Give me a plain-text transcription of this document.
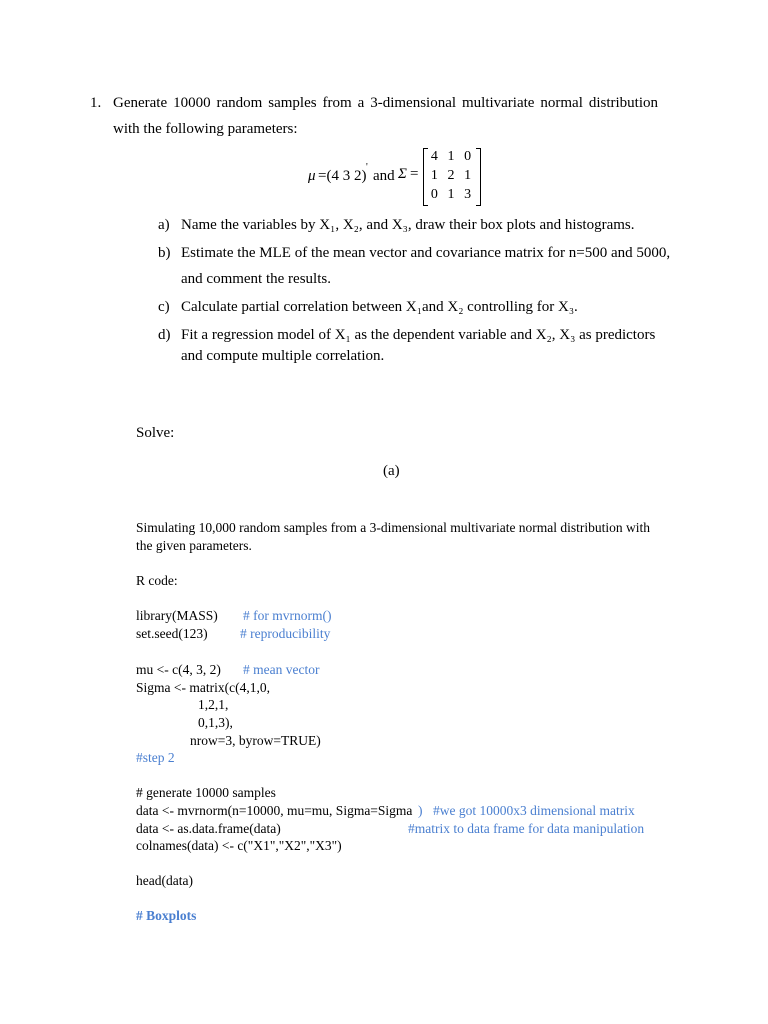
1. Generate 10000 random samples from a 3-dimensional multivariate normal distribution
with the following parameters:
μ =(4 3 2)
'
and Σ =
4 1 0
1 2 1
0 1 3
a) Name the variables by X₁, X₂, and X₃, draw their box plots and histograms.
b) Estimate the MLE of the mean vector and covariance matrix for n=500 and 5000,
and comment the results.
c) Calculate partial correlation between X₁and X₂ controlling for X₃.
d) Fit a regression model of X₁ as the dependent variable and X₂, X₃ as predictors
and compute multiple correlation.
Solve:
(a)
Simulating 10,000 random samples from a 3-dimensional multivariate normal distribution with
the given parameters.
R code:
library(MASS) # for mvrnorm()
set.seed(123) # reproducibility
mu <- c(4, 3, 2) # mean vector
Sigma <- matrix(c(4,1,0,
1,2,1,
0,1,3),
nrow=3, byrow=TRUE)
#step 2
# generate 10000 samples
data <- mvrnorm(n=10000, mu=mu, Sigma=Sigma ) #we got 10000x3 dimensional matrix
data <- as.data.frame(data)	#matrix to data frame for data manipulation
colnames(data) <- c("X1","X2","X3")
head(data)
# Boxplots
